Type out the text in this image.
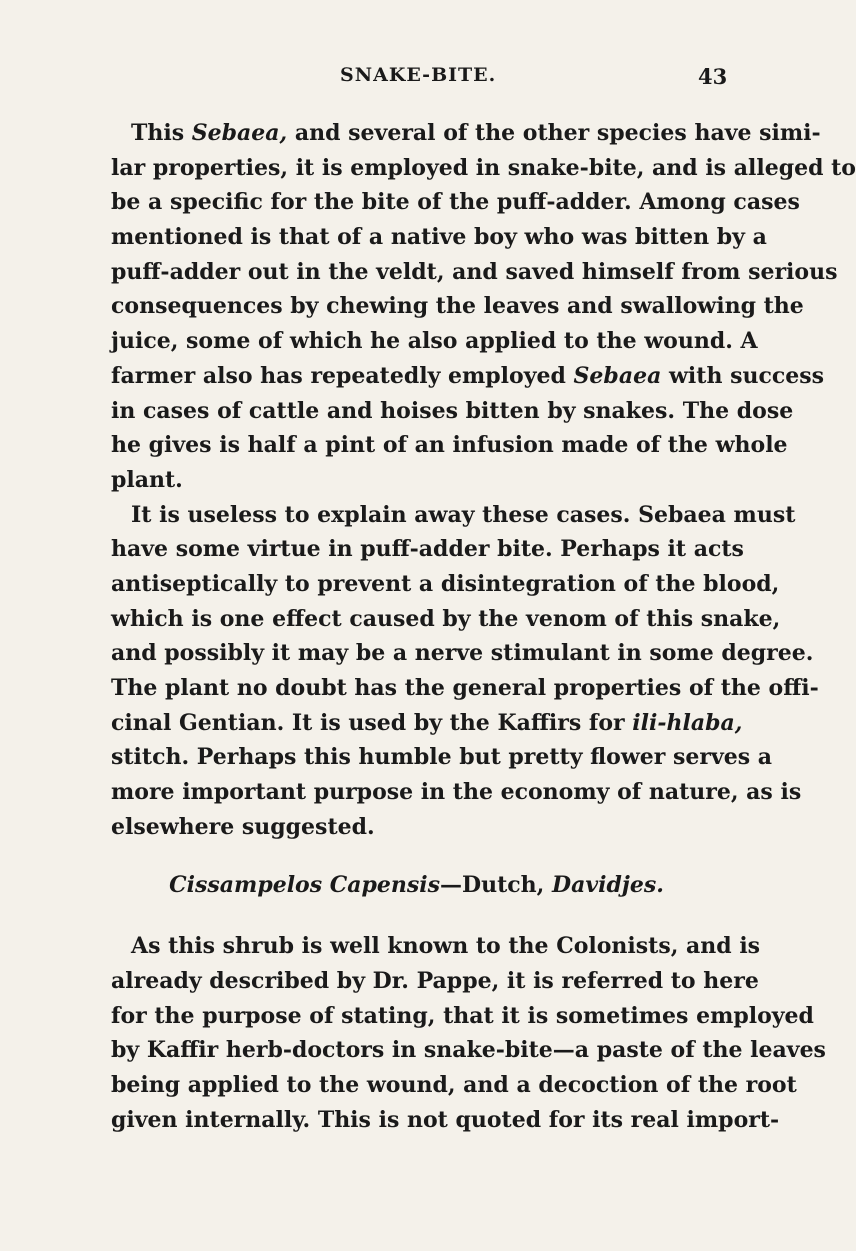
SNAKE-BITE.	43
This Sebaea, and several of the other species have simi-
lar properties, it is employed in snake-bite, and is alleged to
be a specific for the bite of the puff-adder. Among cases
mentioned is that of a native boy who was bitten by a
puff-adder out in the veldt, and saved himself from serious
consequences by chewing the leaves and swallowing the
juice, some of which he also applied to the wound. A
farmer also has repeatedly employed Sebaea with success
in cases of cattle and hoises bitten by snakes. The dose
he gives is half a pint of an infusion made of the whole
plant.
It is useless to explain away these cases. Sebaea must
have some virtue in puff-adder bite. Perhaps it acts
antiseptically to prevent a disintegration of the blood,
which is one effect caused by the venom of this snake,
and possibly it may be a nerve stimulant in some degree.
The plant no doubt has the general properties of the offi-
cinal Gentian. It is used by the Kaffirs for ili-hlaba,
stitch. Perhaps this humble but pretty flower serves a
more important purpose in the economy of nature, as is
elsewhere suggested.
Cissampelos Capensis—Dutch, Davidjes.
As this shrub is well known to the Colonists, and is
already described by Dr. Pappe, it is referred to here
for the purpose of stating, that it is sometimes employed
by Kaffir herb-doctors in snake-bite—a paste of the leaves
being applied to the wound, and a decoction of the root
given internally. This is not quoted for its real import-
